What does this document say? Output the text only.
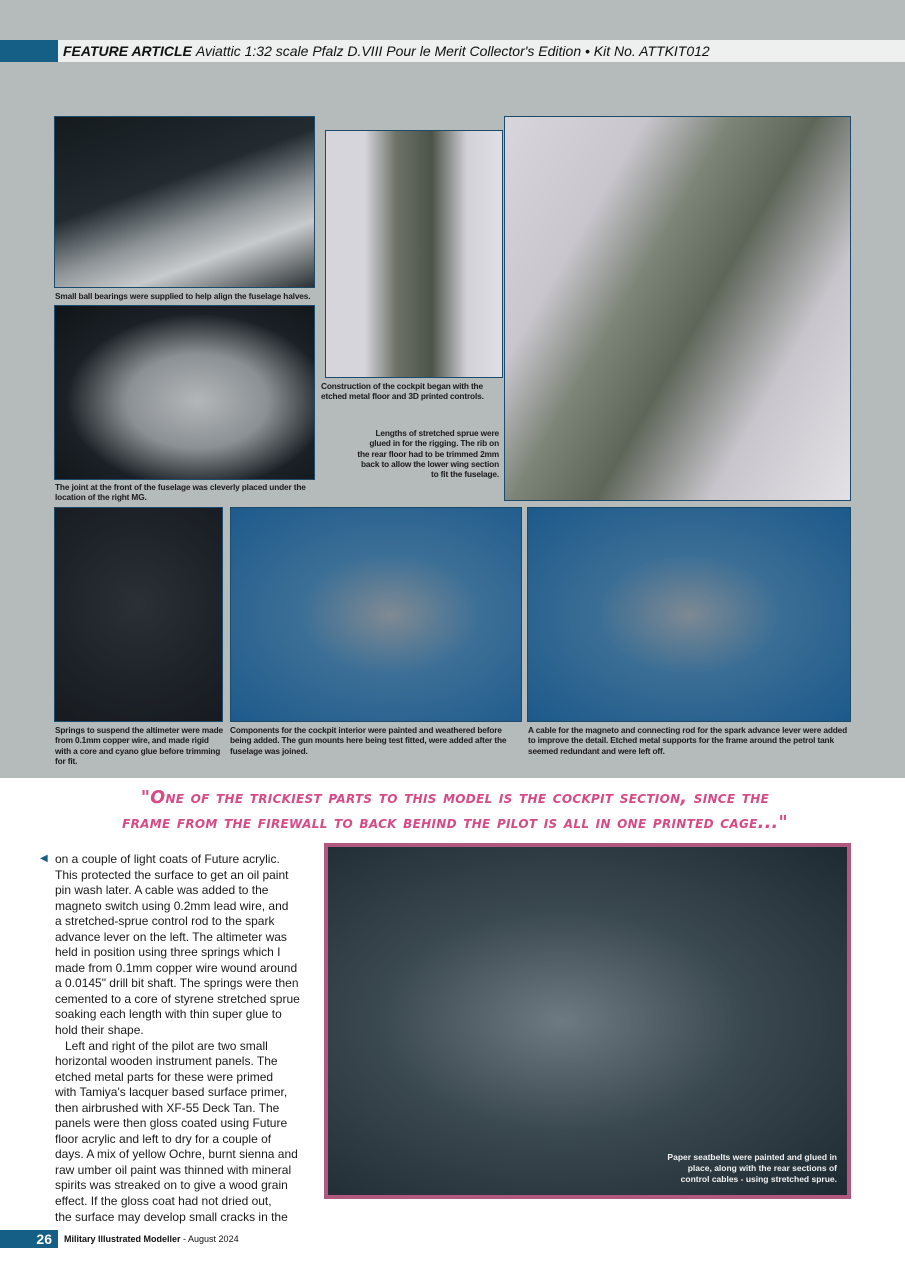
FEATURE ARTICLE Aviattic 1:32 scale Pfalz D.VIII Pour le Merit Collector's Edition • Kit No. ATTKIT012
Small ball bearings were supplied to help align the fuselage halves.
The joint at the front of the fuselage was cleverly placed under the location of the right MG.
Construction of the cockpit began with the etched metal floor and 3D printed controls.
Lengths of stretched sprue were glued in for the rigging. The rib on the rear floor had to be trimmed 2mm back to allow the lower wing section to fit the fuselage.
Springs to suspend the altimeter were made from 0.1mm copper wire, and made rigid with a core and cyano glue before trimming for fit.
Components for the cockpit interior were painted and weathered before being added. The gun mounts here being test fitted, were added after the fuselage was joined.
A cable for the magneto and connecting rod for the spark advance lever were added to improve the detail. Etched metal supports for the frame around the petrol tank seemed redundant and were left off.
"One of the trickiest parts to this model is the cockpit section, since the
frame from the firewall to back behind the pilot is all in one printed cage..."
◀ on a couple of light coats of Future acrylic.
This protected the surface to get an oil paint
pin wash later. A cable was added to the
magneto switch using 0.2mm lead wire, and
a stretched-sprue control rod to the spark
advance lever on the left. The altimeter was
held in position using three springs which I
made from 0.1mm copper wire wound around
a 0.0145" drill bit shaft. The springs were then
cemented to a core of styrene stretched sprue
soaking each length with thin super glue to
hold their shape.
Left and right of the pilot are two small
horizontal wooden instrument panels. The
etched metal parts for these were primed
with Tamiya's lacquer based surface primer,
then airbrushed with XF-55 Deck Tan. The
panels were then gloss coated using Future
floor acrylic and left to dry for a couple of
days. A mix of yellow Ochre, burnt sienna and
raw umber oil paint was thinned with mineral
spirits was streaked on to give a wood grain
effect. If the gloss coat had not dried out,
the surface may develop small cracks in the
Paper seatbelts were painted and glued in place, along with the rear sections of control cables - using stretched sprue.
26	Military Illustrated Modeller - August 2024
